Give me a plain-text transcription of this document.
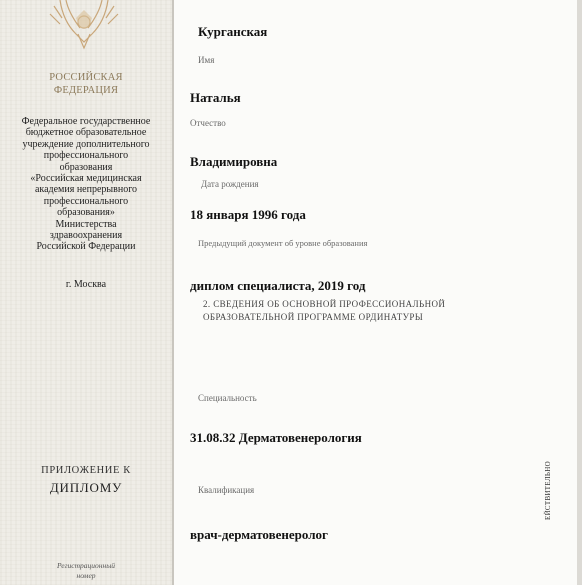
РОССИЙСКАЯ
ФЕДЕРАЦИЯ
Федеральное государственное
бюджетное образовательное
учреждение дополнительного
профессионального
образования
«Российская медицинская
академия непрерывного
профессионального
образования»
Министерства
здравоохранения
Российской Федерации
г. Москва
ПРИЛОЖЕНИЕ К
ДИПЛОМУ
Регистрационный
номер
Курганская
Имя
Наталья
Отчество
Владимировна
Дата рождения
18 января 1996 года
Предыдущий документ об уровне образования
диплом специалиста, 2019 год
2. СВЕДЕНИЯ ОБ ОСНОВНОЙ ПРОФЕССИОНАЛЬНОЙ
ОБРАЗОВАТЕЛЬНОЙ ПРОГРАММЕ ОРДИНАТУРЫ
Специальность
31.08.32 Дерматовенерология
Квалификация
врач-дерматовенеролог
ЕЙСТВИТЕЛЬНО
